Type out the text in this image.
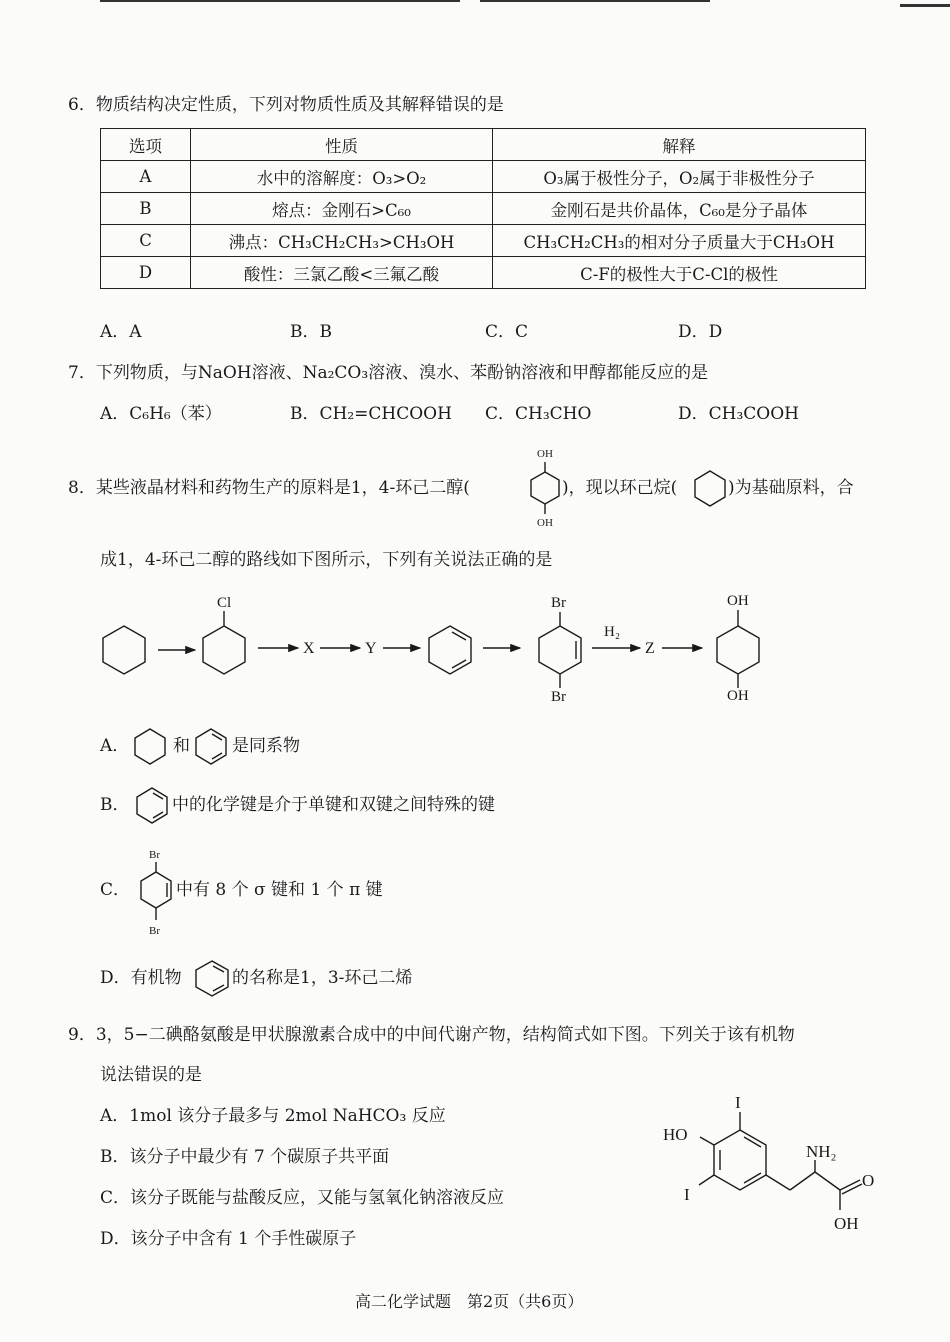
6．物质结构决定性质，下列对物质性质及其解释错误的是
选项	性质	解释
A	水中的溶解度：O₃>O₂	O₃属于极性分子，O₂属于非极性分子
B	熔点：金刚石>C₆₀	金刚石是共价晶体，C₆₀是分子晶体
C	沸点：CH₃CH₂CH₃>CH₃OH	CH₃CH₂CH₃的相对分子质量大于CH₃OH
D	酸性：三氯乙酸<三氟乙酸	C-F的极性大于C-Cl的极性
A．A	B．B	C．C	D．D
7．下列物质，与NaOH溶液、Na₂CO₃溶液、溴水、苯酚钠溶液和甲醇都能反应的是
A．C₆H₆（苯）	B．CH₂=CHCOOH C．CH₃CHO	D．CH₃COOH
8．某些液晶材料和药物生产的原料是1，4-环己二醇(	)，现以环己烷(	)为基础原料，合
成1，4-环己二醇的路线如下图所示，下列有关说法正确的是
A．	和 是同系物
B．	中的化学键是介于单键和双键之间特殊的键
C．	中有 8 个 σ 键和 1 个 π 键
D．有机物	的名称是1，3-环己二烯
9．3，5−二碘酪氨酸是甲状腺激素合成中的中间代谢产物，结构简式如下图。下列关于该有机物
说法错误的是
A．1mol 该分子最多与 2mol NaHCO₃ 反应
B．该分子中最少有 7 个碳原子共平面
C．该分子既能与盐酸反应，又能与氢氧化钠溶液反应
D．该分子中含有 1 个手性碳原子
高二化学试题　第2页（共6页）
OH
OH
Cl
X	Y
Br
Br
H₂
Z
OH
OH
Br
Br
I
HO
I
NH₂
O
OH
